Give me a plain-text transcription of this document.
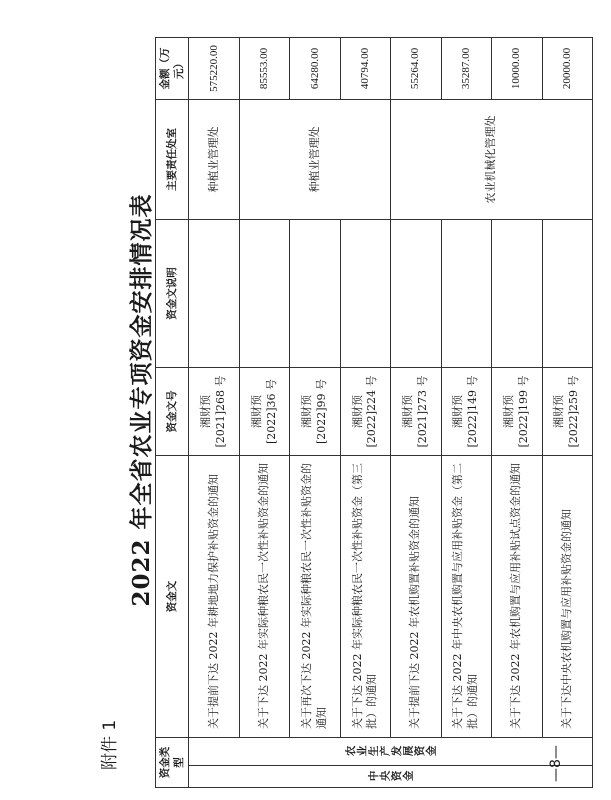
附件 1
2022 年全省农业专项资金安排情况表
资金类型		资金文	资金文号	资金文说明	主要责任处室	金额（万元）
中央资金	农业生产发展资金	关于提前下达 2022 年耕地地力保护补贴资金的通知	湘财预[2021]268 号		种植业管理处	575220.00
		关于下达 2022 年实际种粮农民一次性补贴资金的通知	湘财预[2022]36 号		种植业管理处	85553.00
		关于再次下达 2022 年实际种粮农民一次性补贴资金的通知	湘财预[2022]99 号			64280.00
		关于下达 2022 年实际种粮农民一次性补贴资金（第三批）的通知	湘财预[2022]224 号			40794.00
		关于提前下达 2022 年农机购置补贴资金的通知	湘财预[2021]273 号		农业机械化管理处	55264.00
		关于下达 2022 年中央农机购置与应用补贴资金（第二批）的通知	湘财预[2022]149 号			35287.00
		关于下达 2022 年农机购置与应用补贴试点资金的通知	湘财预[2022]199 号			10000.00
		关于下达中央农机购置与应用补贴资金的通知	湘财预[2022]259 号			20000.00
—8—
